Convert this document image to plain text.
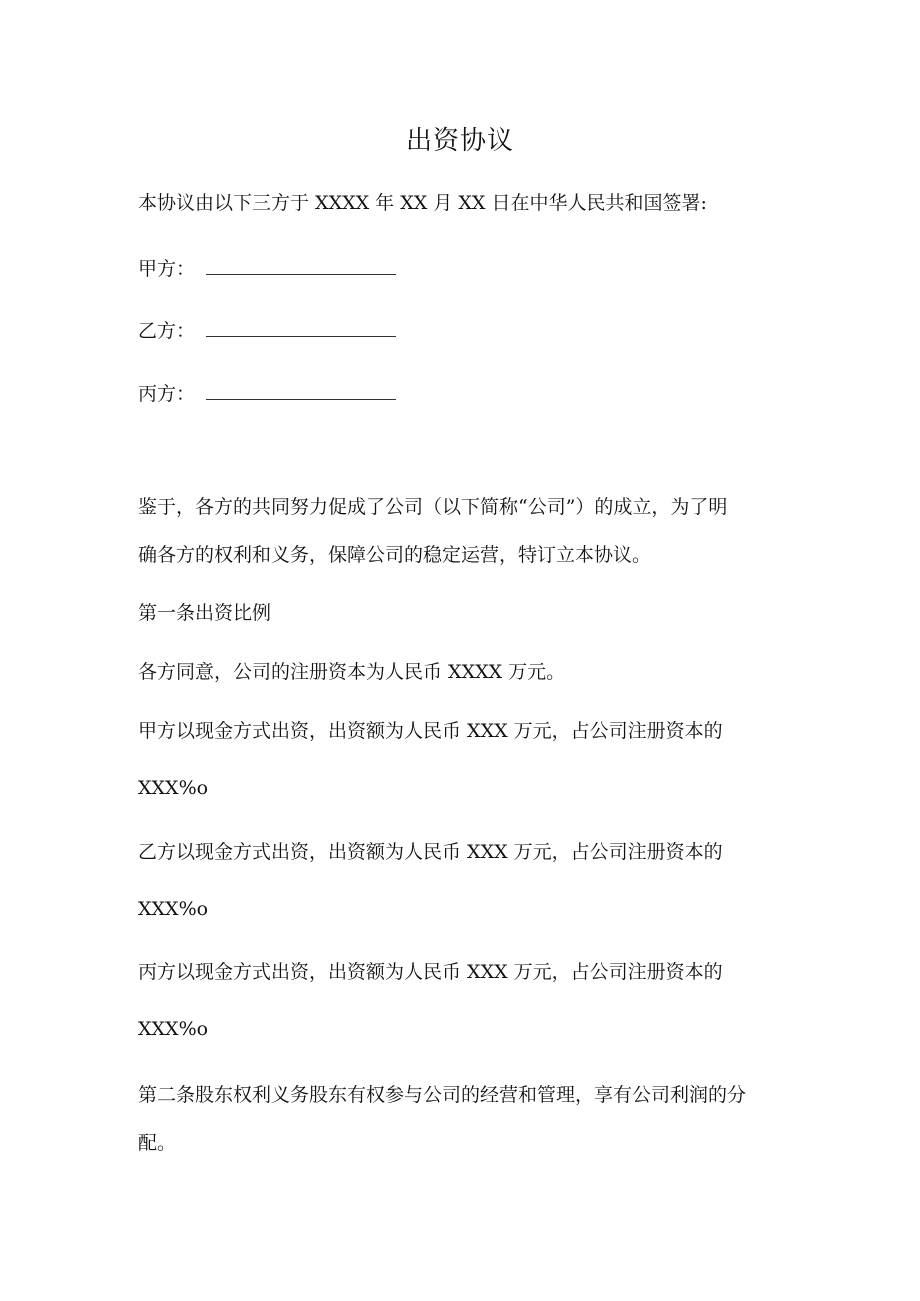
出资协议
本协议由以下三方于 XXXX 年 XX 月 XX 日在中华人民共和国签署:
甲方：
乙方：
丙方：
鉴于，各方的共同努力促成了公司（以下简称“公司”）的成立，为了明
确各方的权利和义务，保障公司的稳定运营，特订立本协议。
第一条出资比例
各方同意，公司的注册资本为人民币 XXXX 万元。
甲方以现金方式出资，出资额为人民币 XXX 万元，占公司注册资本的
XXX%o
乙方以现金方式出资，出资额为人民币 XXX 万元，占公司注册资本的
XXX%o
丙方以现金方式出资，出资额为人民币 XXX 万元，占公司注册资本的
XXX%o
第二条股东权利义务股东有权参与公司的经营和管理，享有公司利润的分
配。
